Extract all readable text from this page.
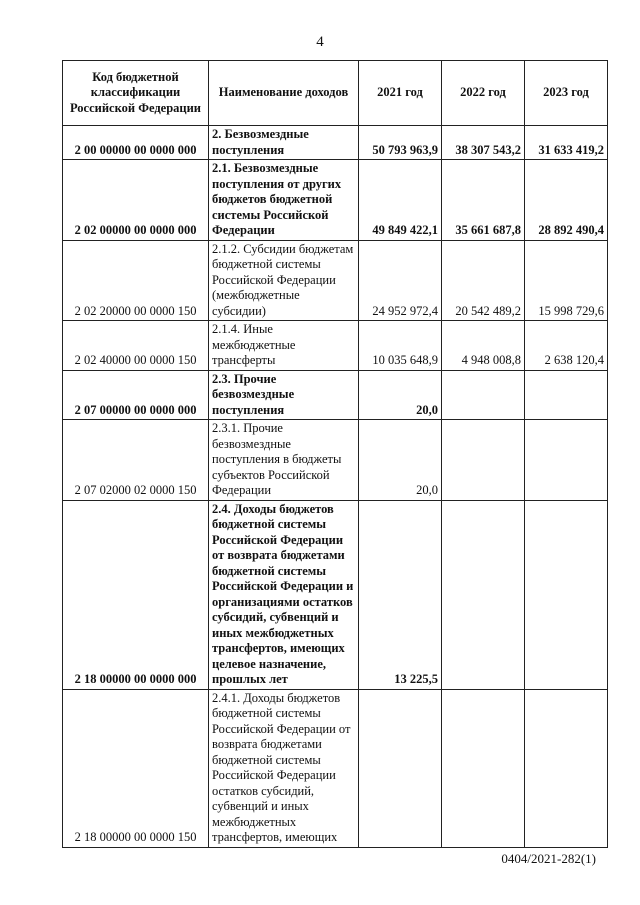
4
Код бюджетной классификации Российской Федерации	Наименование доходов	2021 год	2022 год	2023 год
2 00 00000 00 0000 000	2. Безвозмездные поступления	50 793 963,9	38 307 543,2	31 633 419,2
2 02 00000 00 0000 000	2.1. Безвозмездные поступления от других бюджетов бюджетной системы Российской Федерации	49 849 422,1	35 661 687,8	28 892 490,4
2 02 20000 00 0000 150	2.1.2. Субсидии бюджетам бюджетной системы Российской Федерации (межбюджетные субсидии)	24 952 972,4	20 542 489,2	15 998 729,6
2 02 40000 00 0000 150	2.1.4. Иные межбюджетные трансферты	10 035 648,9	4 948 008,8	2 638 120,4
2 07 00000 00 0000 000	2.3. Прочие безвозмездные поступления	20,0		
2 07 02000 02 0000 150	2.3.1. Прочие безвозмездные поступления в бюджеты субъектов Российской Федерации	20,0		
2 18 00000 00 0000 000	2.4. Доходы бюджетов бюджетной системы Российской Федерации от возврата бюджетами бюджетной системы Российской Федерации и организациями остатков субсидий, субвенций и иных межбюджетных трансфертов, имеющих целевое назначение, прошлых лет	13 225,5		
2 18 00000 00 0000 150	2.4.1. Доходы бюджетов бюджетной системы Российской Федерации от возврата бюджетами бюджетной системы Российской Федерации остатков субсидий, субвенций и иных межбюджетных трансфертов, имеющих			
0404/2021-282(1)
